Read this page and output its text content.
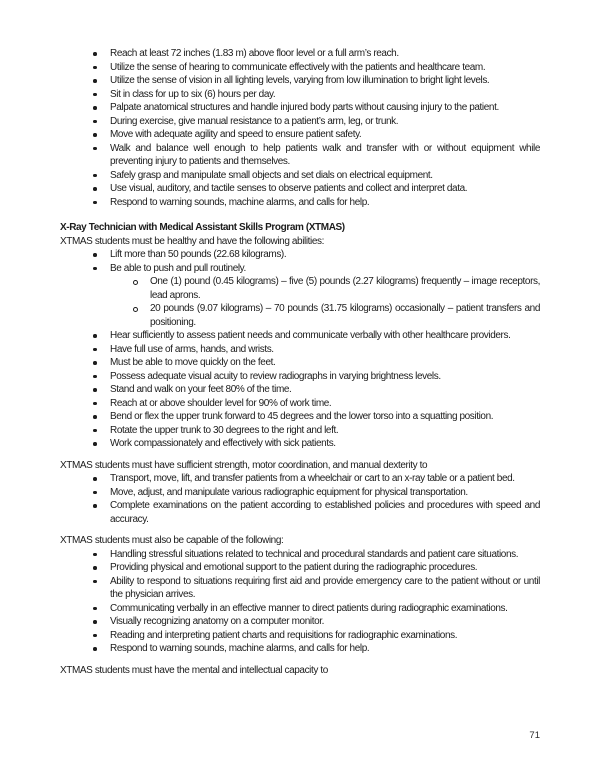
Reach at least 72 inches (1.83 m) above floor level or a full arm’s reach.
Utilize the sense of hearing to communicate effectively with the patients and healthcare team.
Utilize the sense of vision in all lighting levels, varying from low illumination to bright light levels.
Sit in class for up to six (6) hours per day.
Palpate anatomical structures and handle injured body parts without causing injury to the patient.
During exercise, give manual resistance to a patient’s arm, leg, or trunk.
Move with adequate agility and speed to ensure patient safety.
Walk and balance well enough to help patients walk and transfer with or without equipment while preventing injury to patients and themselves.
Safely grasp and manipulate small objects and set dials on electrical equipment.
Use visual, auditory, and tactile senses to observe patients and collect and interpret data.
Respond to warning sounds, machine alarms, and calls for help.
X-Ray Technician with Medical Assistant Skills Program (XTMAS)
XTMAS students must be healthy and have the following abilities:
Lift more than 50 pounds (22.68 kilograms).
Be able to push and pull routinely.
One (1) pound (0.45 kilograms) – five (5) pounds (2.27 kilograms) frequently – image receptors, lead aprons.
20 pounds (9.07 kilograms) – 70 pounds (31.75 kilograms) occasionally – patient transfers and positioning.
Hear sufficiently to assess patient needs and communicate verbally with other healthcare providers.
Have full use of arms, hands, and wrists.
Must be able to move quickly on the feet.
Possess adequate visual acuity to review radiographs in varying brightness levels.
Stand and walk on your feet 80% of the time.
Reach at or above shoulder level for 90% of work time.
Bend or flex the upper trunk forward to 45 degrees and the lower torso into a squatting position.
Rotate the upper trunk to 30 degrees to the right and left.
Work compassionately and effectively with sick patients.
XTMAS students must have sufficient strength, motor coordination, and manual dexterity to
Transport, move, lift, and transfer patients from a wheelchair or cart to an x-ray table or a patient bed.
Move, adjust, and manipulate various radiographic equipment for physical transportation.
Complete examinations on the patient according to established policies and procedures with speed and accuracy.
XTMAS students must also be capable of the following:
Handling stressful situations related to technical and procedural standards and patient care situations.
Providing physical and emotional support to the patient during the radiographic procedures.
Ability to respond to situations requiring first aid and provide emergency care to the patient without or until the physician arrives.
Communicating verbally in an effective manner to direct patients during radiographic examinations.
Visually recognizing anatomy on a computer monitor.
Reading and interpreting patient charts and requisitions for radiographic examinations.
Respond to warning sounds, machine alarms, and calls for help.
XTMAS students must have the mental and intellectual capacity to
71
